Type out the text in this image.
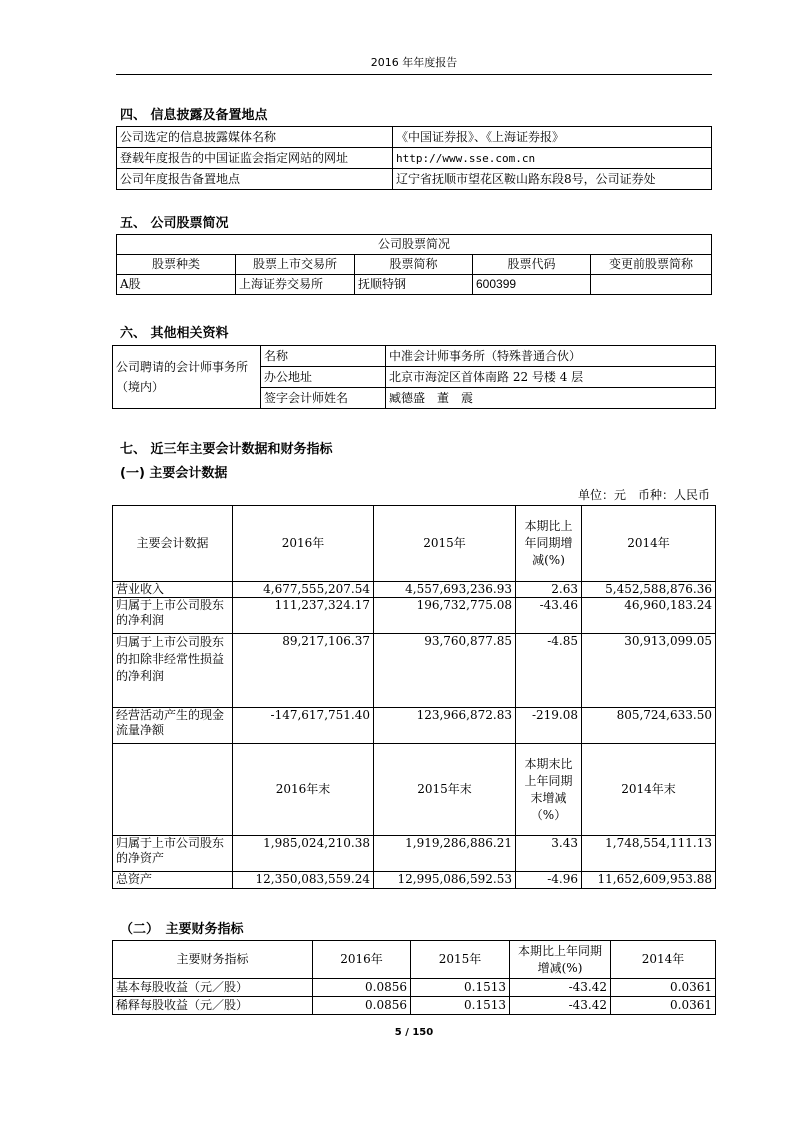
2016 年年度报告
四、 信息披露及备置地点
公司选定的信息披露媒体名称	《中国证券报》、《上海证券报》
登载年度报告的中国证监会指定网站的网址	http://www.sse.com.cn
公司年度报告备置地点	辽宁省抚顺市望花区鞍山路东段8号，公司证券处
五、 公司股票简况
公司股票简况				
股票种类	股票上市交易所	股票简称	股票代码	变更前股票简称
A股	上海证券交易所	抚顺特钢	600399	
六、 其他相关资料
公司聘请的会计师事务所（境内）	名称	中准会计师事务所（特殊普通合伙）
	办公地址	北京市海淀区首体南路 22 号楼 4 层
	签字会计师姓名	臧德盛　董　震
七、 近三年主要会计数据和财务指标
(一) 主要会计数据
单位：元　币种：人民币
主要会计数据	2016年	2015年	本期比上年同期增减(%)	2014年
营业收入	4,677,555,207.54	4,557,693,236.93	2.63	5,452,588,876.36
归属于上市公司股东的净利润	111,237,324.17	196,732,775.08	-43.46	46,960,183.24
归属于上市公司股东的扣除非经常性损益的净利润	89,217,106.37	93,760,877.85	-4.85	30,913,099.05
经营活动产生的现金流量净额	-147,617,751.40	123,966,872.83	-219.08	805,724,633.50
	2016年末	2015年末	本期末比上年同期末增减（%）	2014年末
归属于上市公司股东的净资产	1,985,024,210.38	1,919,286,886.21	3.43	1,748,554,111.13
总资产	12,350,083,559.24	12,995,086,592.53	-4.96	11,652,609,953.88
（二）　主要财务指标
主要财务指标	2016年	2015年	本期比上年同期增减(%)	2014年
基本每股收益（元／股）	0.0856	0.1513	-43.42	0.0361
稀释每股收益（元／股）	0.0856	0.1513	-43.42	0.0361
5 / 150
